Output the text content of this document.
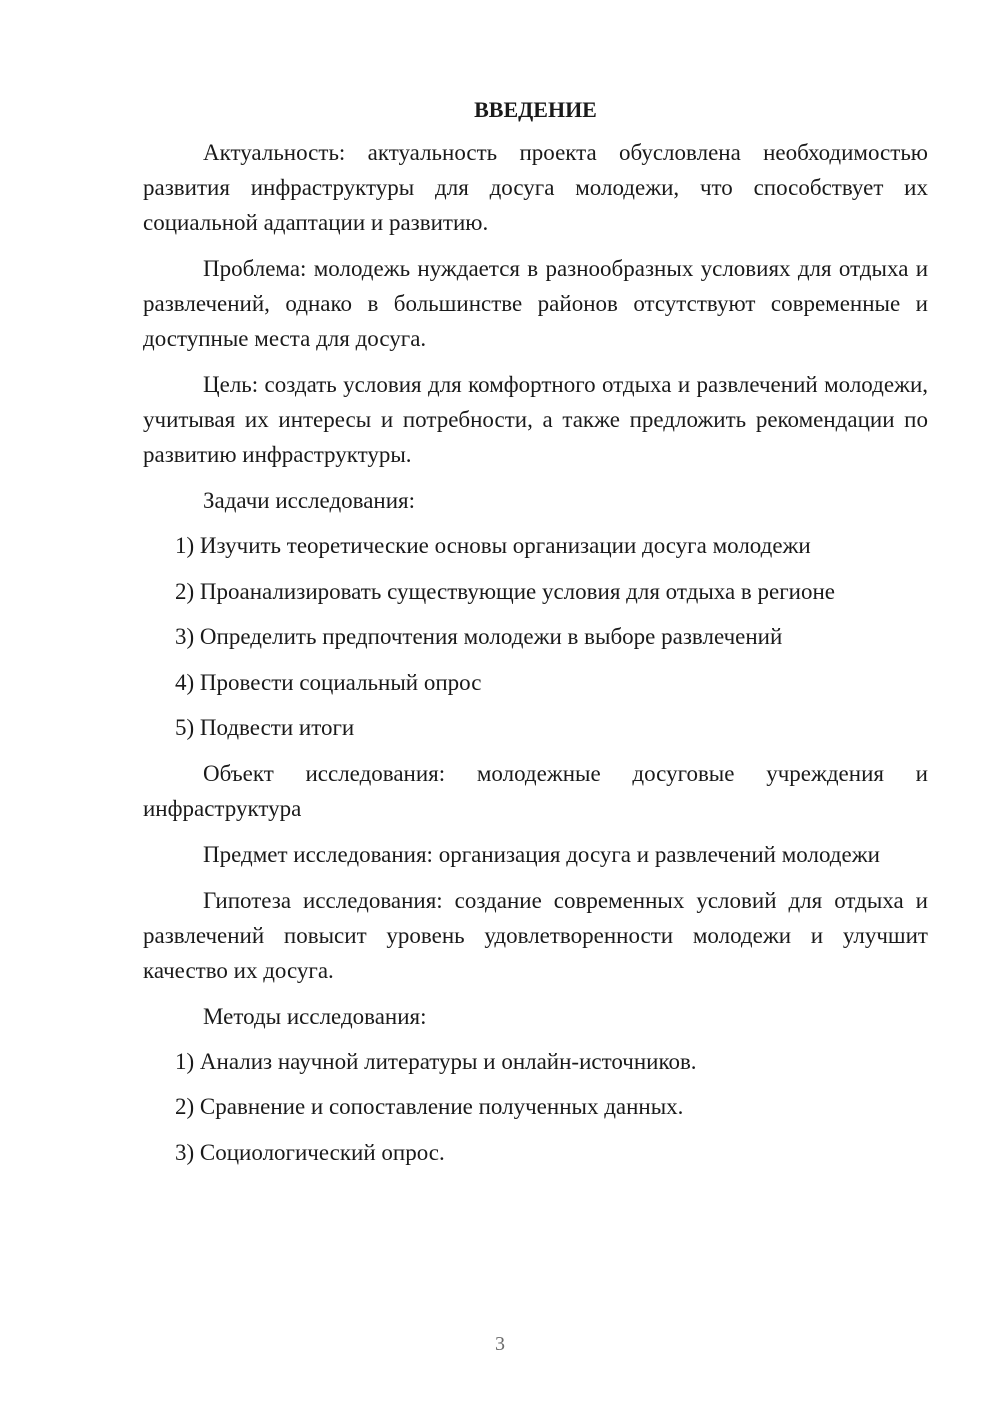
ВВЕДЕНИЕ

Актуальность: актуальность проекта обусловлена необходимостью развития инфраструктуры для досуга молодежи, что способствует их социальной адаптации и развитию.

Проблема: молодежь нуждается в разнообразных условиях для отдыха и развлечений, однако в большинстве районов отсутствуют современные и доступные места для досуга.

Цель: создать условия для комфортного отдыха и развлечений молодежи, учитывая их интересы и потребности, а также предложить рекомендации по развитию инфраструктуры.

Задачи исследования:

1) Изучить теоретические основы организации досуга молодежи
2) Проанализировать существующие условия для отдыха в регионе
3) Определить предпочтения молодежи в выборе развлечений
4) Провести социальный опрос
5) Подвести итоги

Объект исследования: молодежные досуговые учреждения и инфраструктура

Предмет исследования: организация досуга и развлечений молодежи

Гипотеза исследования: создание современных условий для отдыха и развлечений повысит уровень удовлетворенности молодежи и улучшит качество их досуга.

Методы исследования:

1) Анализ научной литературы и онлайн-источников.
2) Сравнение и сопоставление полученных данных.
3) Социологический опрос.
3
